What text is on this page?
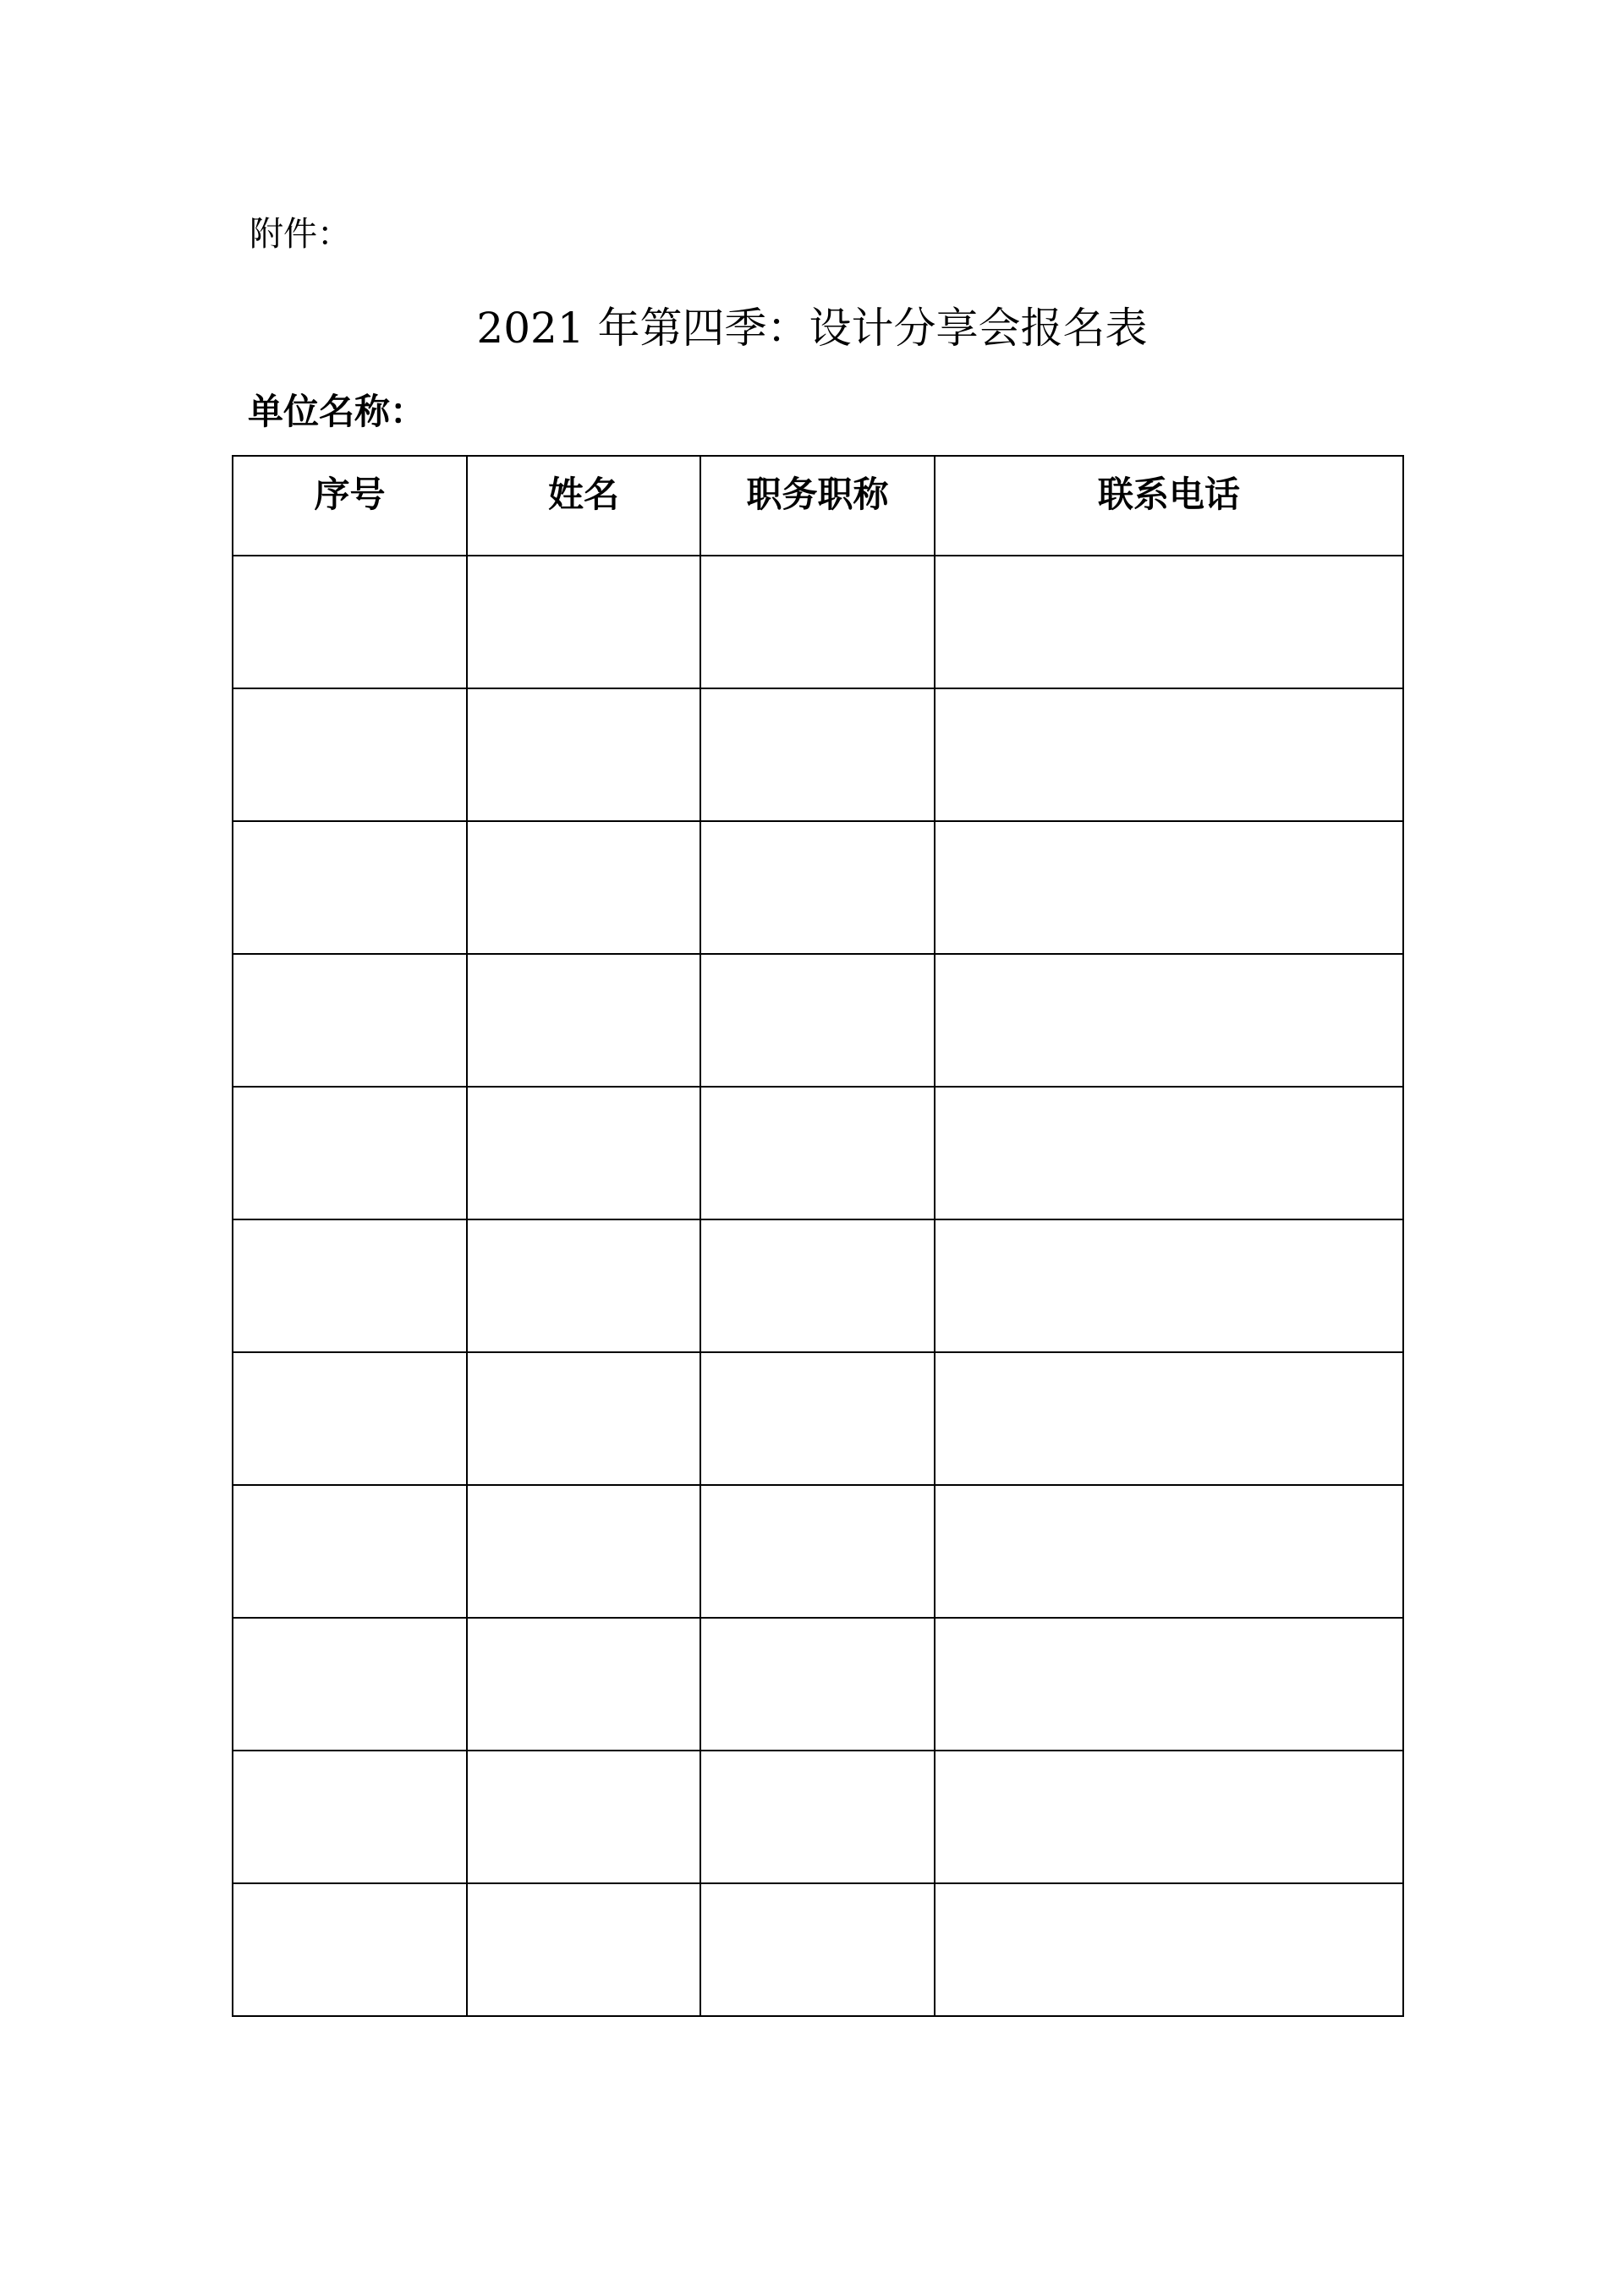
附件：
2021 年第四季：设计分享会报名表
单位名称：
序号	姓名	职务职称	联系电话
